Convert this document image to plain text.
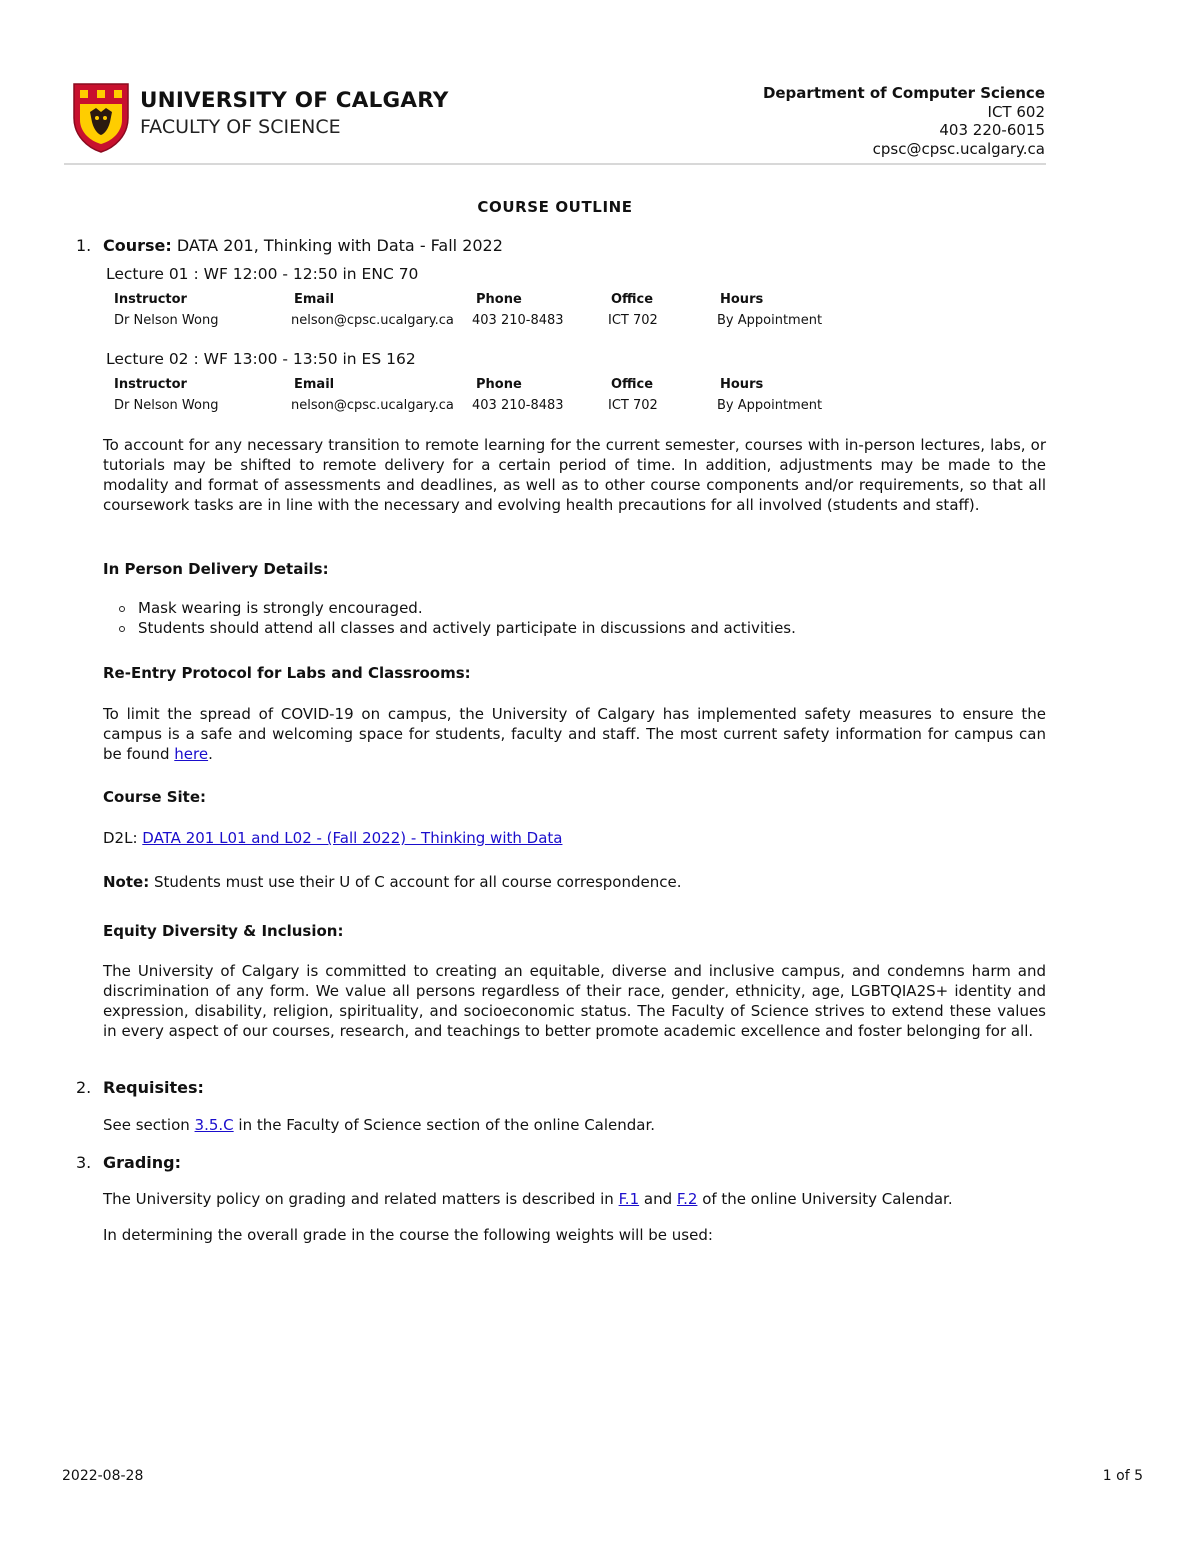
UNIVERSITY OF CALGARY
FACULTY OF SCIENCE
Department of Computer Science
ICT 602
403 220-6015
cpsc@cpsc.ucalgary.ca
COURSE OUTLINE
1. Course: DATA 201, Thinking with Data - Fall 2022
Lecture 01 : WF 12:00 - 12:50 in ENC 70
Instructor	Email	Phone	Office	Hours
Dr Nelson Wong	nelson@cpsc.ucalgary.ca	403 210-8483	ICT 702	By Appointment
Lecture 02 : WF 13:00 - 13:50 in ES 162
Instructor	Email	Phone	Office	Hours
Dr Nelson Wong	nelson@cpsc.ucalgary.ca	403 210-8483	ICT 702	By Appointment
To account for any necessary transition to remote learning for the current semester, courses with in-person lectures, labs, or tutorials may be shifted to remote delivery for a certain period of time. In addition, adjustments may be made to the modality and format of assessments and deadlines, as well as to other course components and/or requirements, so that all coursework tasks are in line with the necessary and evolving health precautions for all involved (students and staff).
In Person Delivery Details:
Mask wearing is strongly encouraged.
Students should attend all classes and actively participate in discussions and activities.
Re-Entry Protocol for Labs and Classrooms:
To limit the spread of COVID-19 on campus, the University of Calgary has implemented safety measures to ensure the campus is a safe and welcoming space for students, faculty and staff. The most current safety information for campus can be found here.
Course Site:
D2L: DATA 201 L01 and L02 - (Fall 2022) - Thinking with Data
Note: Students must use their U of C account for all course correspondence.
Equity Diversity & Inclusion:
The University of Calgary is committed to creating an equitable, diverse and inclusive campus, and condemns harm and discrimination of any form. We value all persons regardless of their race, gender, ethnicity, age, LGBTQIA2S+ identity and expression, disability, religion, spirituality, and socioeconomic status. The Faculty of Science strives to extend these values in every aspect of our courses, research, and teachings to better promote academic excellence and foster belonging for all.
2. Requisites:
See section 3.5.C in the Faculty of Science section of the online Calendar.
3. Grading:
The University policy on grading and related matters is described in F.1 and F.2 of the online University Calendar.
In determining the overall grade in the course the following weights will be used:
2022-08-28	1 of 5
